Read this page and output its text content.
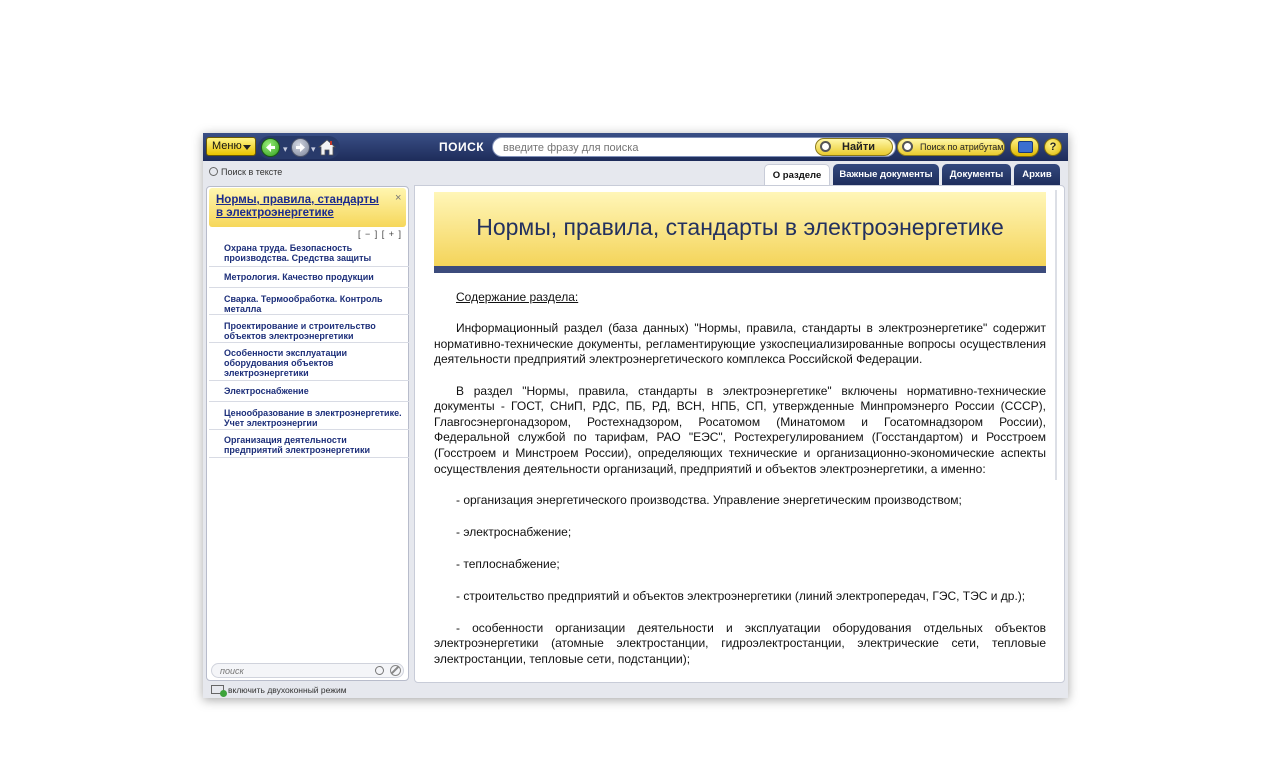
Меню	▾	▾	ПОИСК
введите фразу для поиска	Найти	Поиск по атрибутам	?
Поиск в тексте	О разделе	Важные документы	Документы	Архив
Нормы, правила, стандарты в электроэнергетике
×
[ − ] [ + ]
Охрана труда. Безопасность производства. Средства защиты
Метрология. Качество продукции
Сварка. Термообработка. Контроль металла
Проектирование и строительство объектов электроэнергетики
Особенности эксплуатации оборудования объектов электроэнергетики
Электроснабжение
Ценообразование в электроэнергетике. Учет электроэнергии
Организация деятельности предприятий электроэнергетики
поиск
включить двухоконный режим
Нормы, правила, стандарты в электроэнергетике

Содержание раздела:

Информационный раздел (база данных) "Нормы, правила, стандарты в электроэнергетике" содержит нормативно-технические документы, регламентирующие узкоспециализированные вопросы осуществления деятельности предприятий электроэнергетического комплекса Российской Федерации.

В раздел "Нормы, правила, стандарты в электроэнергетике" включены нормативно-технические документы - ГОСТ, СНиП, РДС, ПБ, РД, ВСН, НПБ, СП, утвержденные Минпромэнерго России (СССР), Главгосэнергонадзором, Ростехнадзором, Росатомом (Минатомом и Госатомнадзором России), Федеральной службой по тарифам, РАО "ЕЭС", Ростехрегулированием (Госстандартом) и Росстроем (Госстроем и Минстроем России), определяющих технические и организационно-экономические аспекты осуществления деятельности организаций, предприятий и объектов электроэнергетики, а именно:

- организация энергетического производства. Управление энергетическим производством;

- электроснабжение;

- теплоснабжение;

- строительство предприятий и объектов электроэнергетики (линий электропередач, ГЭС, ТЭС и др.);

- особенности организации деятельности и эксплуатации оборудования отдельных объектов электроэнергетики (атомные электростанции, гидроэлектростанции, электрические сети, тепловые электростанции, тепловые сети, подстанции);
